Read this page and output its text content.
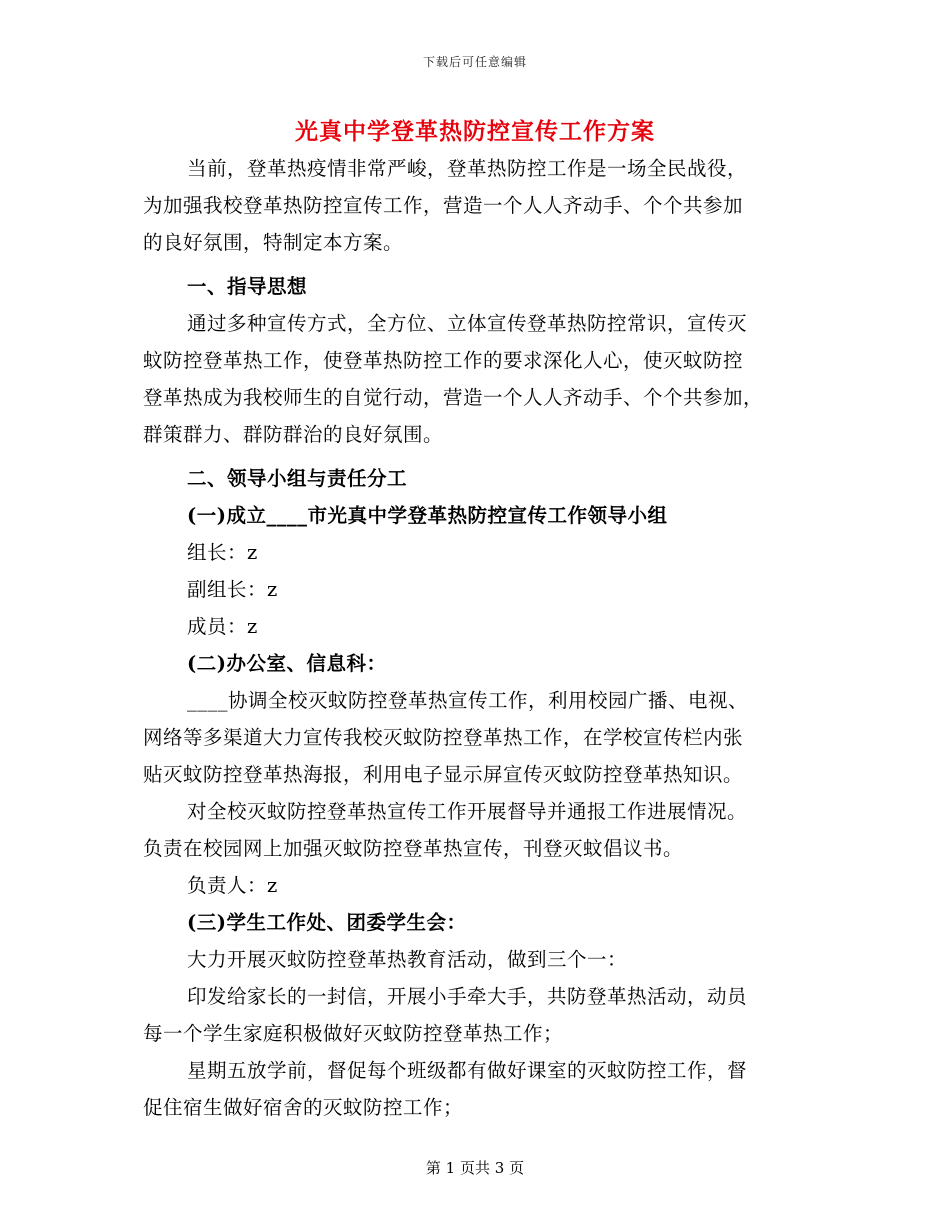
下载后可任意编辑
光真中学登革热防控宣传工作方案
当前，登革热疫情非常严峻，登革热防控工作是一场全民战役，
为加强我校登革热防控宣传工作，营造一个人人齐动手、个个共参加
的良好氛围，特制定本方案。
一、指导思想
通过多种宣传方式，全方位、立体宣传登革热防控常识，宣传灭
蚊防控登革热工作，使登革热防控工作的要求深化人心，使灭蚊防控
登革热成为我校师生的自觉行动，营造一个人人齐动手、个个共参加，
群策群力、群防群治的良好氛围。
二、领导小组与责任分工
(一)成立____市光真中学登革热防控宣传工作领导小组
组长：z
副组长：z
成员：z
(二)办公室、信息科：
____协调全校灭蚊防控登革热宣传工作，利用校园广播、电视、
网络等多渠道大力宣传我校灭蚊防控登革热工作，在学校宣传栏内张
贴灭蚊防控登革热海报，利用电子显示屏宣传灭蚊防控登革热知识。
对全校灭蚊防控登革热宣传工作开展督导并通报工作进展情况。
负责在校园网上加强灭蚊防控登革热宣传，刊登灭蚊倡议书。
负责人：z
(三)学生工作处、团委学生会：
大力开展灭蚊防控登革热教育活动，做到三个一：
印发给家长的一封信，开展小手牵大手，共防登革热活动，动员
每一个学生家庭积极做好灭蚊防控登革热工作；
星期五放学前，督促每个班级都有做好课室的灭蚊防控工作，督
促住宿生做好宿舍的灭蚊防控工作；
第 1 页共 3 页
